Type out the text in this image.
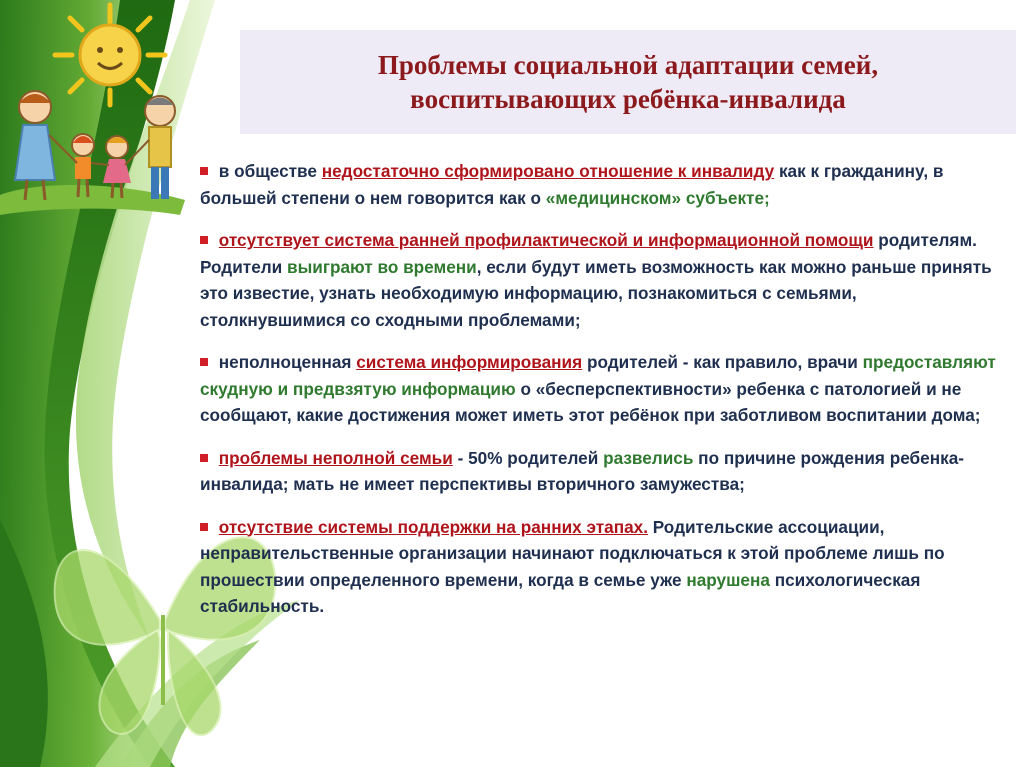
Проблемы социальной адаптации семей,
воспитывающих ребёнка-инвалида
в обществе недостаточно сформировано отношение к инвалиду как к гражданину, в большей степени о нем говорится как о «медицинском» субъекте;
отсутствует система ранней профилактической и информационной помощи родителям. Родители выиграют во времени, если будут иметь возможность как можно раньше принять это известие, узнать необходимую информацию, познакомиться с семьями, столкнувшимися со сходными проблемами;
неполноценная система информирования родителей - как правило, врачи предоставляют скудную и предвзятую информацию о «бесперспективности» ребенка с патологией и не сообщают, какие достижения может иметь этот ребёнок при заботливом воспитании дома;
проблемы неполной семьи - 50% родителей развелись по причине рождения ребенка-инвалида; мать не имеет перспективы вторичного замужества;
отсутствие системы поддержки на ранних этапах. Родительские ассоциации, неправительственные организации начинают подключаться к этой проблеме лишь по прошествии определенного времени, когда в семье уже нарушена психологическая стабильность.
